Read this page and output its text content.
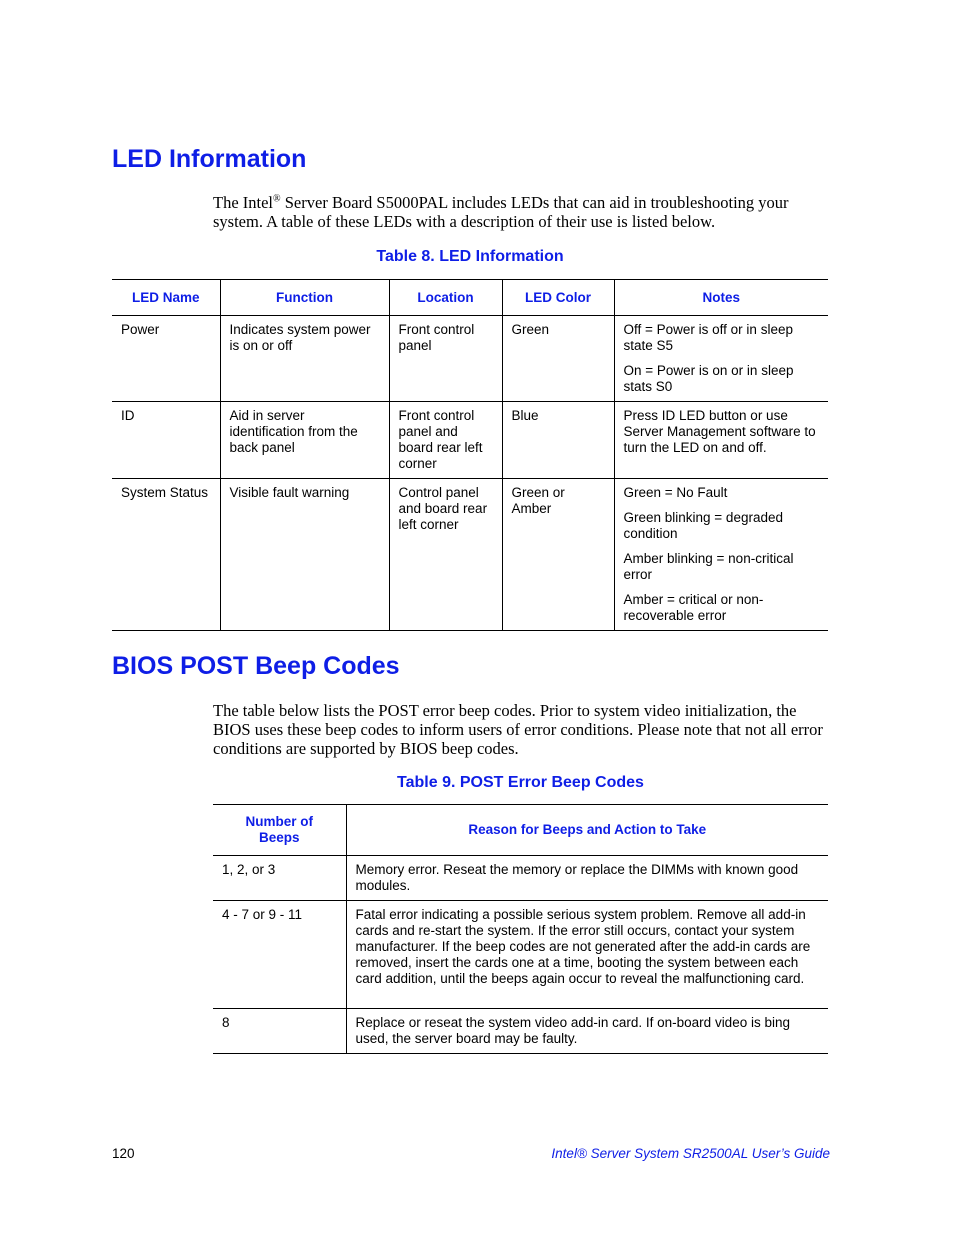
LED Information

The Intel® Server Board S5000PAL includes LEDs that can aid in troubleshooting your system. A table of these LEDs with a description of their use is listed below.

Table 8. LED Information

LED Name	Function	Location	LED Color	Notes
Power	Indicates system power is on or off	Front control panel	Green	Off = Power is off or in sleep state S5

On = Power is on or in sleep stats S0

ID	Aid in server identification from the back panel	Front control panel and board rear left corner	Blue	Press ID LED button or use Server Management software to turn the LED on and off.

System Status	Visible fault warning	Control panel and board rear left corner	Green or Amber	Green = No Fault

Green blinking = degraded condition

Amber blinking = non-critical error

Amber = critical or non-recoverable error

BIOS POST Beep Codes

The table below lists the POST error beep codes. Prior to system video initialization, the BIOS uses these beep codes to inform users of error conditions. Please note that not all error conditions are supported by BIOS beep codes.

Table 9. POST Error Beep Codes

Number of Beeps	Reason for Beeps and Action to Take
1, 2, or 3	Memory error. Reseat the memory or replace the DIMMs with known good modules.
4 - 7 or 9 - 11	Fatal error indicating a possible serious system problem. Remove all add-in cards and re-start the system. If the error still occurs, contact your system manufacturer. If the beep codes are not generated after the add-in cards are removed, insert the cards one at a time, booting the system between each card addition, until the beeps again occur to reveal the malfunctioning card.
8	Replace or reseat the system video add-in card. If on-board video is bing used, the server board may be faulty.
120	Intel® Server System SR2500AL User’s Guide
